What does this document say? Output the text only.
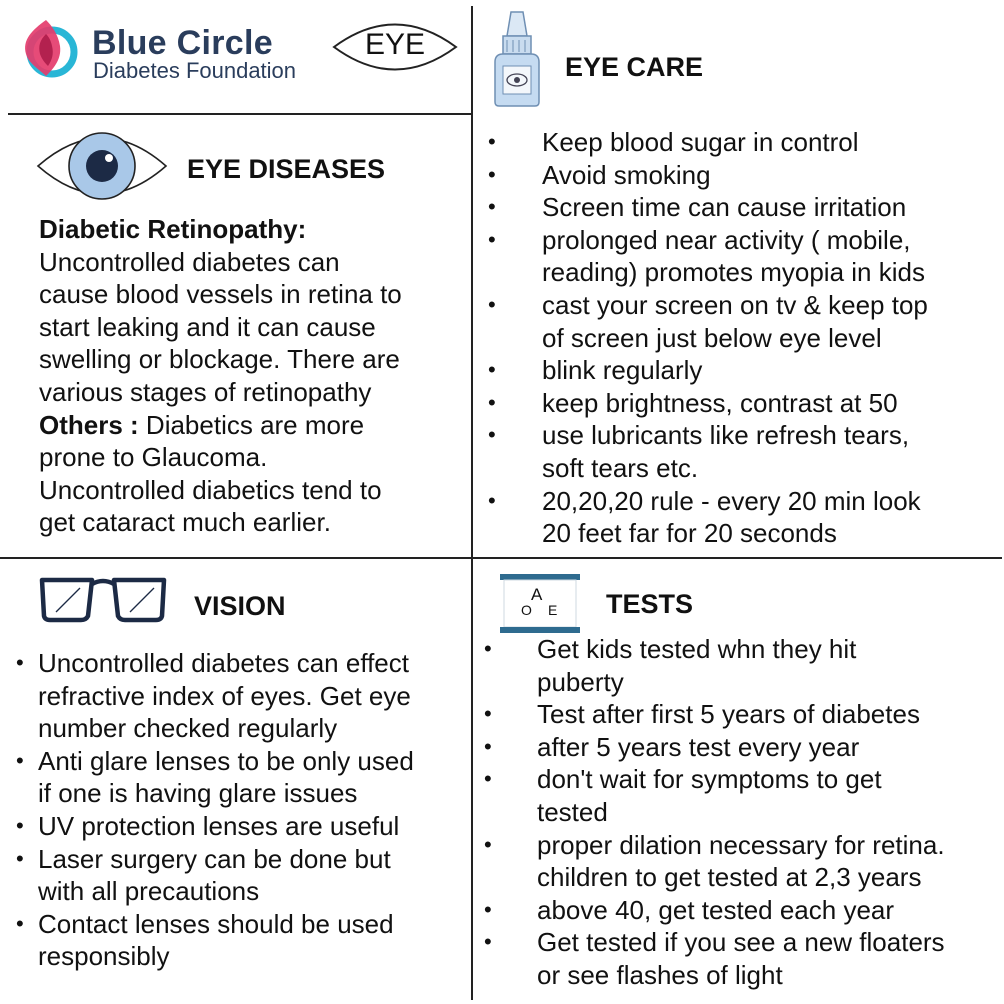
Blue Circle
Diabetes Foundation
EYE
EYE CARE
• Keep blood sugar in control
• Avoid smoking
• Screen time can cause irritation
• prolonged near activity ( mobile,
reading) promotes myopia in kids
• cast your screen on tv & keep top
of screen just below eye level
• blink regularly
• keep brightness, contrast at 50
• use lubricants like refresh tears,
soft tears etc.
• 20,20,20 rule - every 20 min look
20 feet far for 20 seconds
EYE DISEASES
Diabetic Retinopathy:
Uncontrolled diabetes can
cause blood vessels in retina to
start leaking and it can cause
swelling or blockage. There are
various stages of retinopathy
Others : Diabetics are more
prone to Glaucoma.
Uncontrolled diabetics tend to
get cataract much earlier.
VISION
• Uncontrolled diabetes can effect
refractive index of eyes. Get eye
number checked regularly
• Anti glare lenses to be only used
if one is having glare issues
• UV protection lenses are useful
• Laser surgery can be done but
with all precautions
• Contact lenses should be used
responsibly
A
O E TESTS
• Get kids tested whn they hit
puberty
• Test after first 5 years of diabetes
• after 5 years test every year
• don't wait for symptoms to get
tested
• proper dilation necessary for retina.
children to get tested at 2,3 years
• above 40, get tested each year
• Get tested if you see a new floaters
or see flashes of light
